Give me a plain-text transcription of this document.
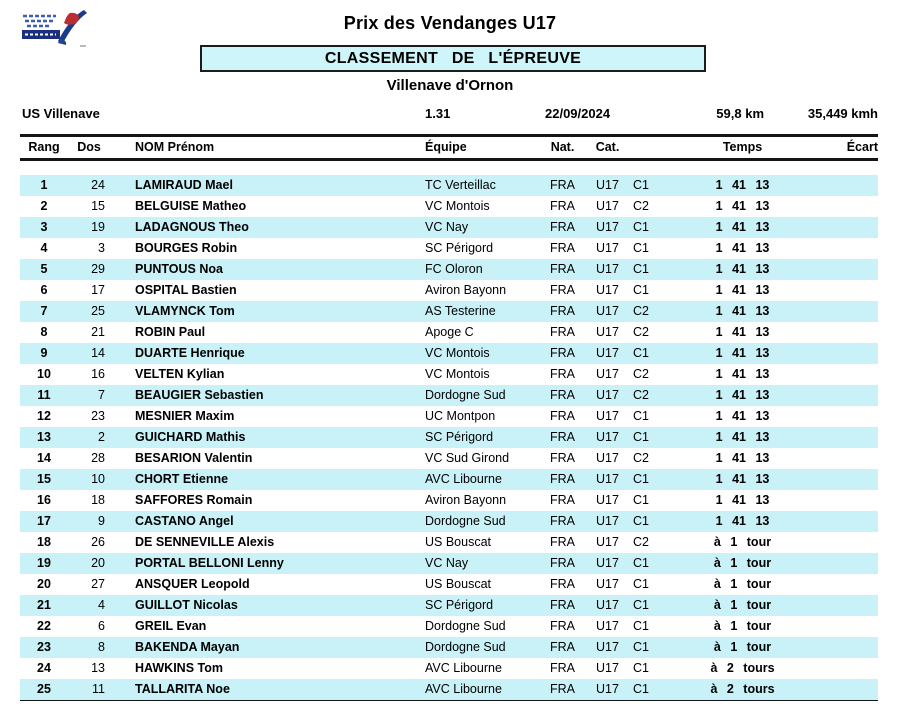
Prix des Vendanges U17
CLASSEMENT DE L'ÉPREUVE
Villenave d'Ornon
US Villenave	1.31	22/09/2024	59,8 km	35,449 kmh
Rang	Dos	NOM Prénom	Équipe	Nat.	Cat.	Temps	Écart
1	24	LAMIRAUD Mael	TC Verteillac	FRA	U17	C1	1 41 13
2	15	BELGUISE Matheo	VC Montois	FRA	U17	C2	1 41 13
3	19	LADAGNOUS Theo	VC Nay	FRA	U17	C1	1 41 13
4	3	BOURGES Robin	SC Périgord	FRA	U17	C1	1 41 13
5	29	PUNTOUS Noa	FC Oloron	FRA	U17	C1	1 41 13
6	17	OSPITAL Bastien	Aviron Bayonn	FRA	U17	C1	1 41 13
7	25	VLAMYNCK Tom	AS Testerine	FRA	U17	C2	1 41 13
8	21	ROBIN Paul	Apoge C	FRA	U17	C2	1 41 13
9	14	DUARTE Henrique	VC Montois	FRA	U17	C1	1 41 13
10	16	VELTEN Kylian	VC Montois	FRA	U17	C2	1 41 13
11	7	BEAUGIER Sebastien	Dordogne Sud	FRA	U17	C2	1 41 13
12	23	MESNIER Maxim	UC Montpon	FRA	U17	C1	1 41 13
13	2	GUICHARD Mathis	SC Périgord	FRA	U17	C1	1 41 13
14	28	BESARION Valentin	VC Sud Girond	FRA	U17	C2	1 41 13
15	10	CHORT Etienne	AVC Libourne	FRA	U17	C1	1 41 13
16	18	SAFFORES Romain	Aviron Bayonn	FRA	U17	C1	1 41 13
17	9	CASTANO Angel	Dordogne Sud	FRA	U17	C1	1 41 13
18	26	DE SENNEVILLE Alexis	US Bouscat	FRA	U17	C2	à 1 tour
19	20	PORTAL BELLONI Lenny	VC Nay	FRA	U17	C1	à 1 tour
20	27	ANSQUER Leopold	US Bouscat	FRA	U17	C1	à 1 tour
21	4	GUILLOT Nicolas	SC Périgord	FRA	U17	C1	à 1 tour
22	6	GREIL Evan	Dordogne Sud	FRA	U17	C1	à 1 tour
23	8	BAKENDA Mayan	Dordogne Sud	FRA	U17	C1	à 1 tour
24	13	HAWKINS Tom	AVC Libourne	FRA	U17	C1	à 2 tours
25	11	TALLARITA Noe	AVC Libourne	FRA	U17	C1	à 2 tours
